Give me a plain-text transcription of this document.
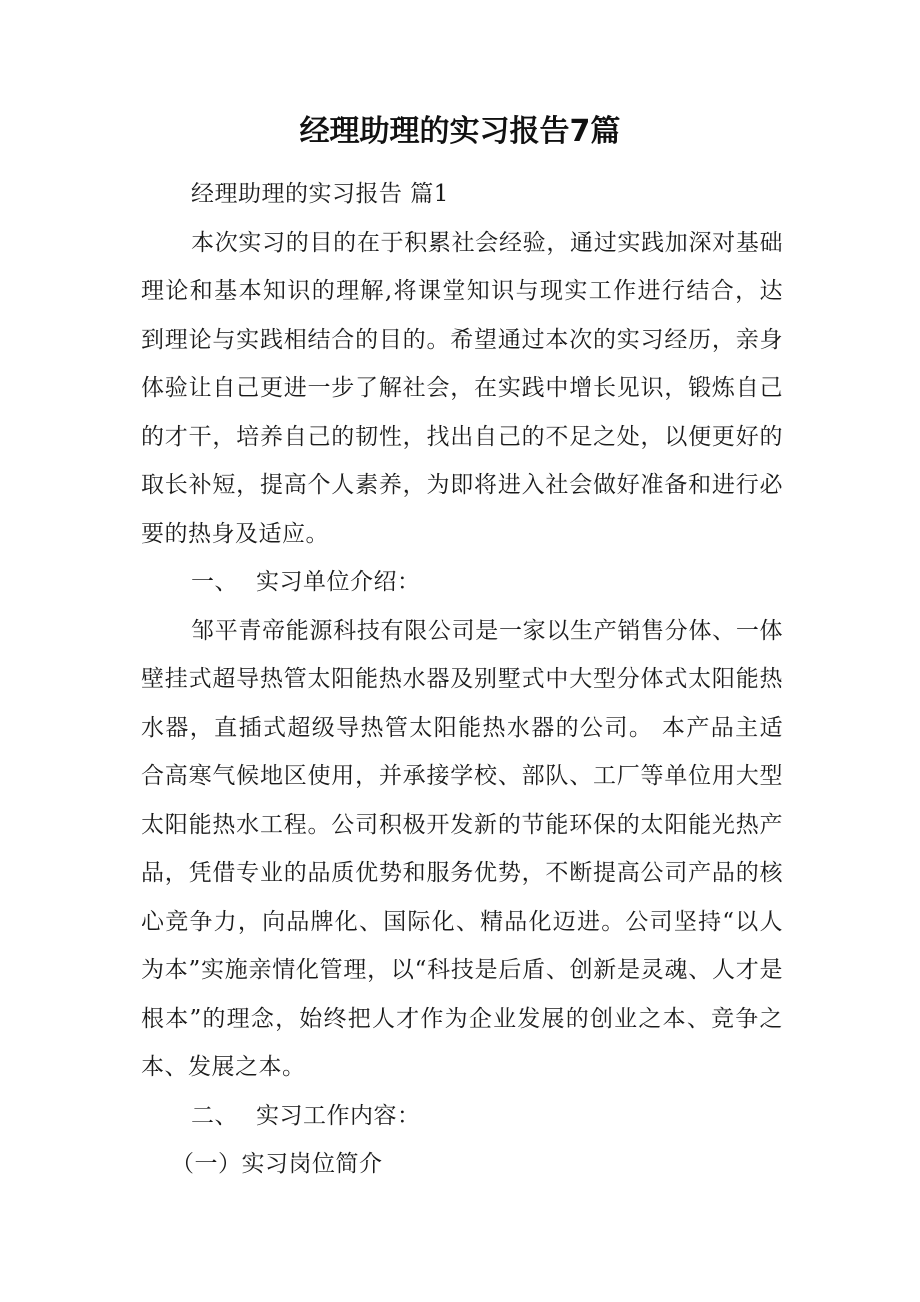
经理助理的实习报告7篇

经理助理的实习报告 篇1

本次实习的目的在于积累社会经验，通过实践加深对基础理论和基本知识的理解,将课堂知识与现实工作进行结合，达到理论与实践相结合的目的。希望通过本次的实习经历，亲身体验让自己更进一步了解社会，在实践中增长见识，锻炼自己的才干，培养自己的韧性，找出自己的不足之处，以便更好的取长补短，提高个人素养，为即将进入社会做好准备和进行必要的热身及适应。

一、 实习单位介绍：

邹平青帝能源科技有限公司是一家以生产销售分体、一体壁挂式超导热管太阳能热水器及别墅式中大型分体式太阳能热水器，直插式超级导热管太阳能热水器的公司。 本产品主适合高寒气候地区使用，并承接学校、部队、工厂等单位用大型太阳能热水工程。公司积极开发新的节能环保的太阳能光热产品，凭借专业的品质优势和服务优势，不断提高公司产品的核心竞争力，向品牌化、国际化、精品化迈进。公司坚持“以人为本”实施亲情化管理，以“科技是后盾、创新是灵魂、人才是根本”的理念，始终把人才作为企业发展的创业之本、竞争之本、发展之本。

二、 实习工作内容：

（一）实习岗位简介
